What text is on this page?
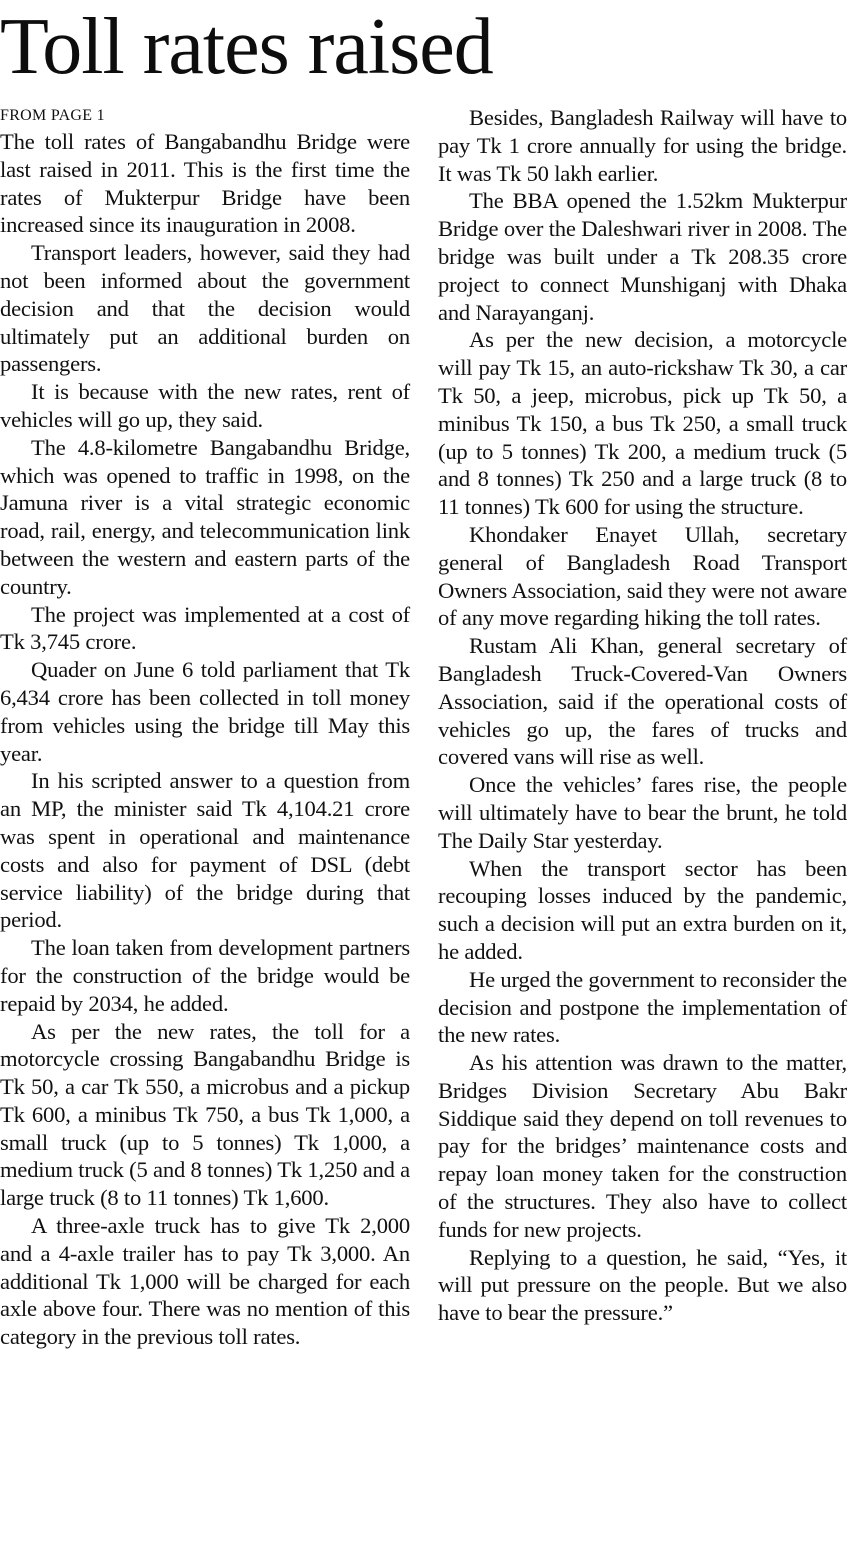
Toll rates raised
FROM PAGE 1

The toll rates of Bangabandhu Bridge were last raised in 2011. This is the first time the rates of Mukterpur Bridge have been increased since its inauguration in 2008.

Transport leaders, however, said they had not been informed about the government decision and that the decision would ultimately put an additional burden on passengers.

It is because with the new rates, rent of vehicles will go up, they said.

The 4.8-kilometre Bangabandhu Bridge, which was opened to traffic in 1998, on the Jamuna river is a vital strategic economic road, rail, energy, and telecommunication link between the western and eastern parts of the country.

The project was implemented at a cost of Tk 3,745 crore.

Quader on June 6 told parliament that Tk 6,434 crore has been collected in toll money from vehicles using the bridge till May this year.

In his scripted answer to a question from an MP, the minister said Tk 4,104.21 crore was spent in operational and maintenance costs and also for payment of DSL (debt service liability) of the bridge during that period.

The loan taken from development partners for the construction of the bridge would be repaid by 2034, he added.

As per the new rates, the toll for a motorcycle crossing Bangabandhu Bridge is Tk 50, a car Tk 550, a microbus and a pickup Tk 600, a minibus Tk 750, a bus Tk 1,000, a small truck (up to 5 tonnes) Tk 1,000, a medium truck (5 and 8 tonnes) Tk 1,250 and a large truck (8 to 11 tonnes) Tk 1,600.

A three-axle truck has to give Tk 2,000 and a 4-axle trailer has to pay Tk 3,000. An additional Tk 1,000 will be charged for each axle above four. There was no mention of this category in the previous toll rates.

Besides, Bangladesh Railway will have to pay Tk 1 crore annually for using the bridge. It was Tk 50 lakh earlier.

The BBA opened the 1.52km Mukterpur Bridge over the Daleshwari river in 2008. The bridge was built under a Tk 208.35 crore project to connect Munshiganj with Dhaka and Narayanganj.

As per the new decision, a motorcycle will pay Tk 15, an auto-rickshaw Tk 30, a car Tk 50, a jeep, microbus, pick up Tk 50, a minibus Tk 150, a bus Tk 250, a small truck (up to 5 tonnes) Tk 200, a medium truck (5 and 8 tonnes) Tk 250 and a large truck (8 to 11 tonnes) Tk 600 for using the structure.

Khondaker Enayet Ullah, secretary general of Bangladesh Road Transport Owners Association, said they were not aware of any move regarding hiking the toll rates.

Rustam Ali Khan, general secretary of Bangladesh Truck-Covered-Van Owners Association, said if the operational costs of vehicles go up, the fares of trucks and covered vans will rise as well.

Once the vehicles’ fares rise, the people will ultimately have to bear the brunt, he told The Daily Star yesterday.

When the transport sector has been recouping losses induced by the pandemic, such a decision will put an extra burden on it, he added.

He urged the government to reconsider the decision and postpone the implementation of the new rates.

As his attention was drawn to the matter, Bridges Division Secretary Abu Bakr Siddique said they depend on toll revenues to pay for the bridges’ maintenance costs and repay loan money taken for the construction of the structures. They also have to collect funds for new projects.

Replying to a question, he said, “Yes, it will put pressure on the people. But we also have to bear the pressure.”
